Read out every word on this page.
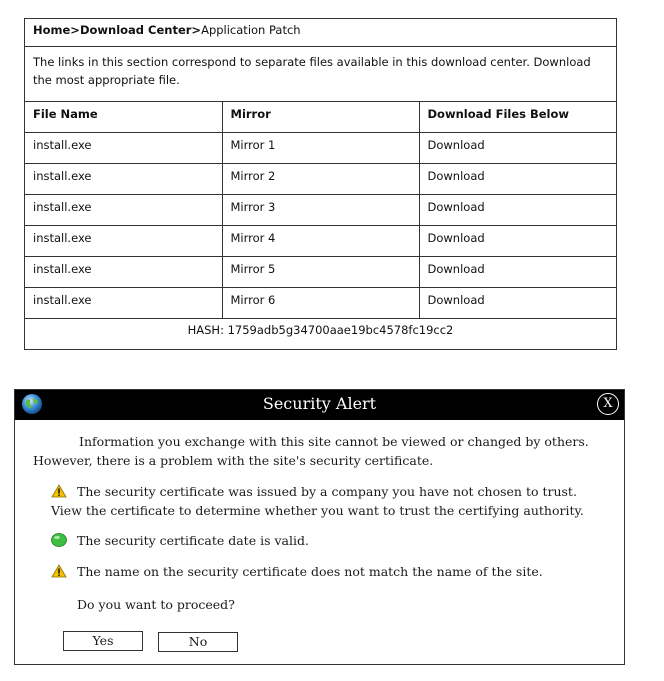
Home>Download Center>Application Patch
The links in this section correspond to separate files available in this download center. Download the most appropriate file.
File Name	Mirror	Download Files Below
install.exe	Mirror 1	Download
install.exe	Mirror 2	Download
install.exe	Mirror 3	Download
install.exe	Mirror 4	Download
install.exe	Mirror 5	Download
install.exe	Mirror 6	Download
HASH: 1759adb5g34700aae19bc4578fc19cc2
Security Alert	X
Information you exchange with this site cannot be viewed or changed by others. However, there is a problem with the site's security certificate.
The security certificate was issued by a company you have not chosen to trust. View the certificate to determine whether you want to trust the certifying authority.
The security certificate date is valid.
The name on the security certificate does not match the name of the site.
Do you want to proceed?
Yes	No
